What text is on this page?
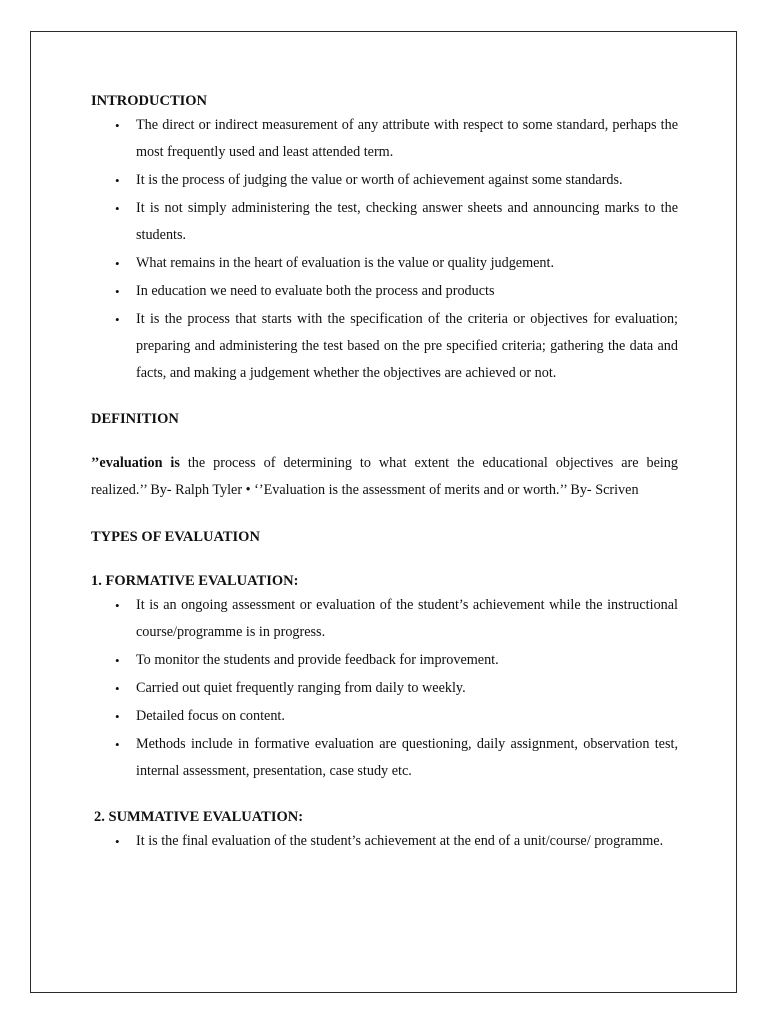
INTRODUCTION
• The direct or indirect measurement of any attribute with respect to some standard, perhaps the most frequently used and least attended term.
• It is the process of judging the value or worth of achievement against some standards.
• It is not simply administering the test, checking answer sheets and announcing marks to the students.
• What remains in the heart of evaluation is the value or quality judgement.
• In education we need to evaluate both the process and products
• It is the process that starts with the specification of the criteria or objectives for evaluation; preparing and administering the test based on the pre specified criteria; gathering the data and facts, and making a judgement whether the objectives are achieved or not.
DEFINITION

’’evaluation is the process of determining to what extent the educational objectives are being realized.’’ By- Ralph Tyler • ‘’Evaluation is the assessment of merits and or worth.’’ By- Scriven

TYPES OF EVALUATION
1. FORMATIVE EVALUATION:
• It is an ongoing assessment or evaluation of the student’s achievement while the instructional course/programme is in progress.
• To monitor the students and provide feedback for improvement.
• Carried out quiet frequently ranging from daily to weekly.
• Detailed focus on content.
• Methods include in formative evaluation are questioning, daily assignment, observation test, internal assessment, presentation, case study etc.
2. SUMMATIVE EVALUATION:
• It is the final evaluation of the student’s achievement at the end of a unit/course/ programme.
